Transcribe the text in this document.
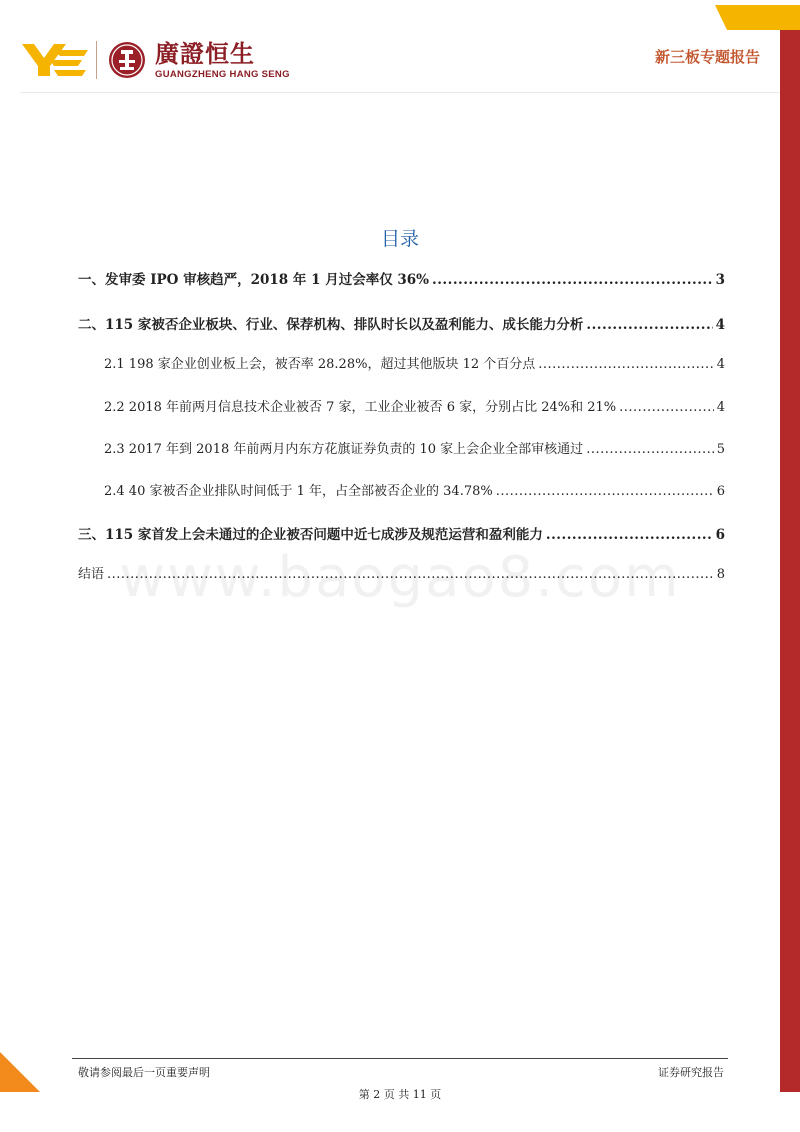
廣證恒生
GUANGZHENG HANG SENG
新三板专题报告
www.baogao8.com
目录
一、发审委 IPO 审核趋严，2018 年 1 月过会率仅 36% .....	3
二、115 家被否企业板块、行业、保荐机构、排队时长以及盈利能力、成长能力分析 .....	4
2.1 198 家企业创业板上会，被否率 28.28%，超过其他版块 12 个百分点 .....	4
2.2 2018 年前两月信息技术企业被否 7 家，工业企业被否 6 家，分别占比 24%和 21% .....	4
2.3 2017 年到 2018 年前两月内东方花旗证券负责的 10 家上会企业全部审核通过 .....	5
2.4 40 家被否企业排队时间低于 1 年，占全部被否企业的 34.78% .....	6
三、115 家首发上会未通过的企业被否问题中近七成涉及规范运营和盈利能力 .....	6
结语 .....	8
敬请参阅最后一页重要声明	证券研究报告
第 2 页 共 11 页
